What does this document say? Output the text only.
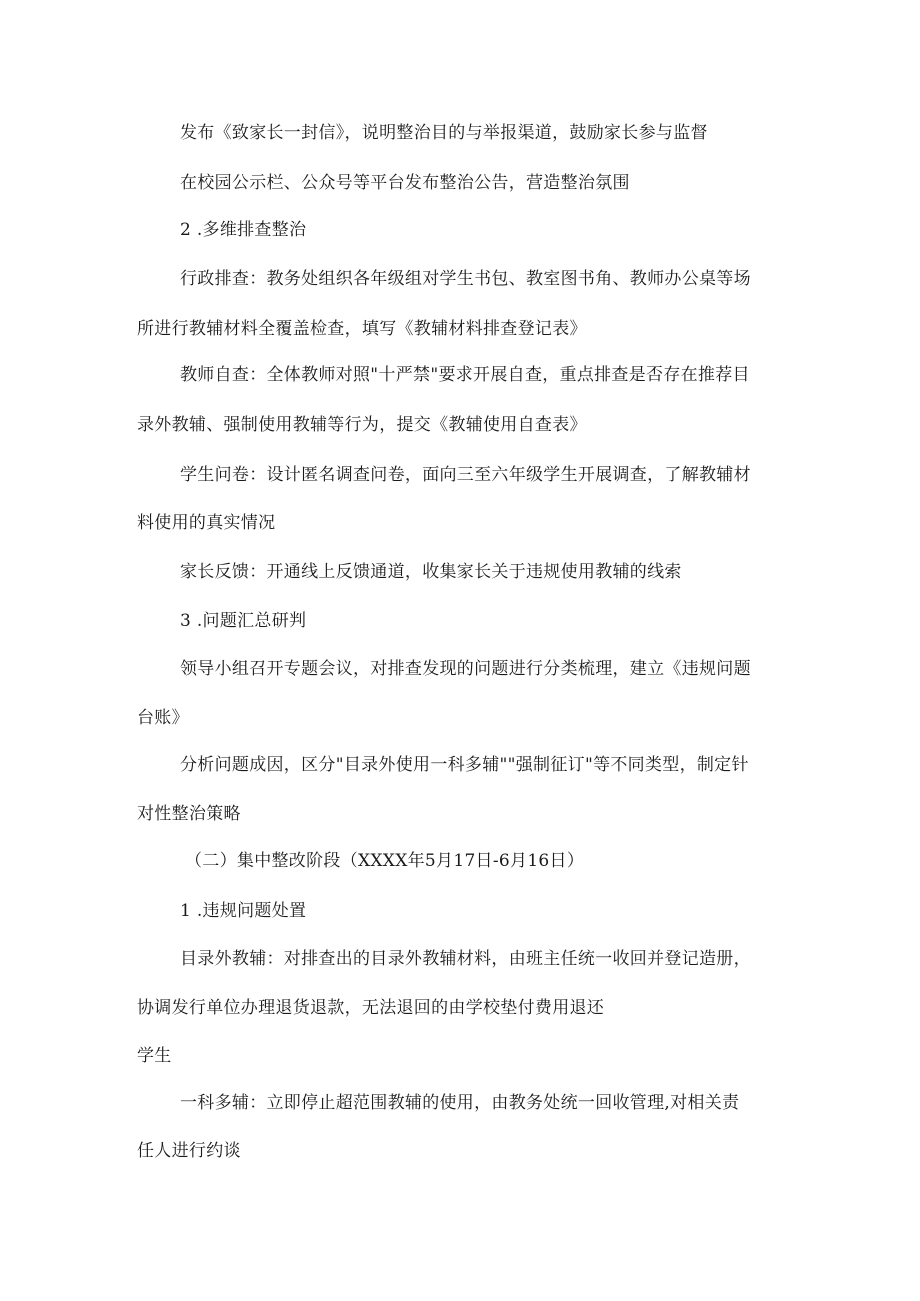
发布《致家长一封信》，说明整治目的与举报渠道，鼓励家长参与监督
在校园公示栏、公众号等平台发布整治公告，营造整治氛围
2 .多维排查整治
行政排查：教务处组织各年级组对学生书包、教室图书角、教师办公桌等场
所进行教辅材料全覆盖检查，填写《教辅材料排查登记表》
教师自查：全体教师对照"十严禁"要求开展自查，重点排查是否存在推荐目
录外教辅、强制使用教辅等行为，提交《教辅使用自查表》
学生问卷：设计匿名调查问卷，面向三至六年级学生开展调查，了解教辅材
料使用的真实情况
家长反馈：开通线上反馈通道，收集家长关于违规使用教辅的线索
3 .问题汇总研判
领导小组召开专题会议，对排查发现的问题进行分类梳理，建立《违规问题
台账》
分析问题成因，区分"目录外使用一科多辅""强制征订"等不同类型，制定针
对性整治策略
（二）集中整改阶段（XXXX年5月17日-6月16日）
1 .违规问题处置
目录外教辅：对排查出的目录外教辅材料，由班主任统一收回并登记造册，
协调发行单位办理退货退款，无法退回的由学校垫付费用退还
学生
一科多辅：立即停止超范围教辅的使用，由教务处统一回收管理,对相关责
任人进行约谈
